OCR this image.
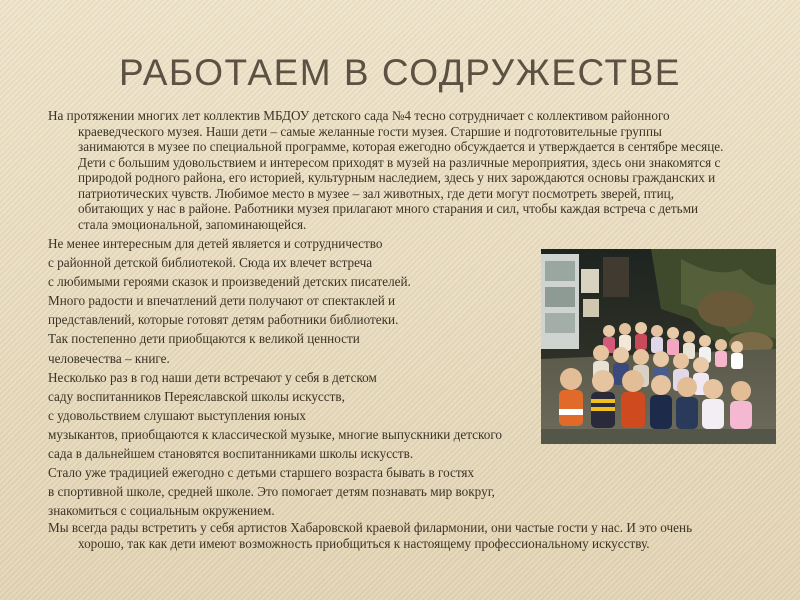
РАБОТАЕМ В СОДРУЖЕСТВЕ

На протяжении многих лет коллектив МБДОУ детского сада №4 тесно сотрудничает с коллективом районного краеведческого музея. Наши дети – самые желанные гости музея. Старшие и подготовительные группы занимаются в музее по специальной программе, которая ежегодно обсуждается и утверждается в сентябре месяце. Дети с большим удовольствием и интересом приходят в музей на различные мероприятия, здесь они знакомятся с природой родного района, его историей, культурным наследием, здесь у них зарождаются основы гражданских и патриотических чувств. Любимое место в музее – зал животных, где дети могут посмотреть зверей, птиц, обитающих у нас в районе. Работники музея прилагают много старания и сил, чтобы каждая встреча с детьми стала эмоциональной, запоминающейся.

Не менее интересным для детей является и сотрудничество

с районной детской библиотекой. Сюда их влечет встреча

с любимыми героями сказок и произведений детских писателей.

Много радости и впечатлений дети получают от спектаклей и

представлений, которые готовят детям работники библиотеки.

Так постепенно дети приобщаются к великой ценности

человечества – книге.

Несколько раз в год наши дети встречают у себя в детском

саду воспитанников Переяславской школы искусств,

с удовольствием слушают выступления юных

музыкантов, приобщаются к классической музыке, многие выпускники детского

сада в дальнейшем становятся воспитанниками школы искусств.

Стало уже традицией ежегодно с детьми старшего возраста бывать в гостях

в спортивной школе, средней школе. Это помогает детям познавать мир вокруг,

знакомиться с социальным окружением.

Мы всегда рады встретить у себя артистов Хабаровской краевой филармонии, они частые гости у нас. И это очень хорошо, так как дети имеют возможность приобщиться к настоящему профессиональному искусству.
